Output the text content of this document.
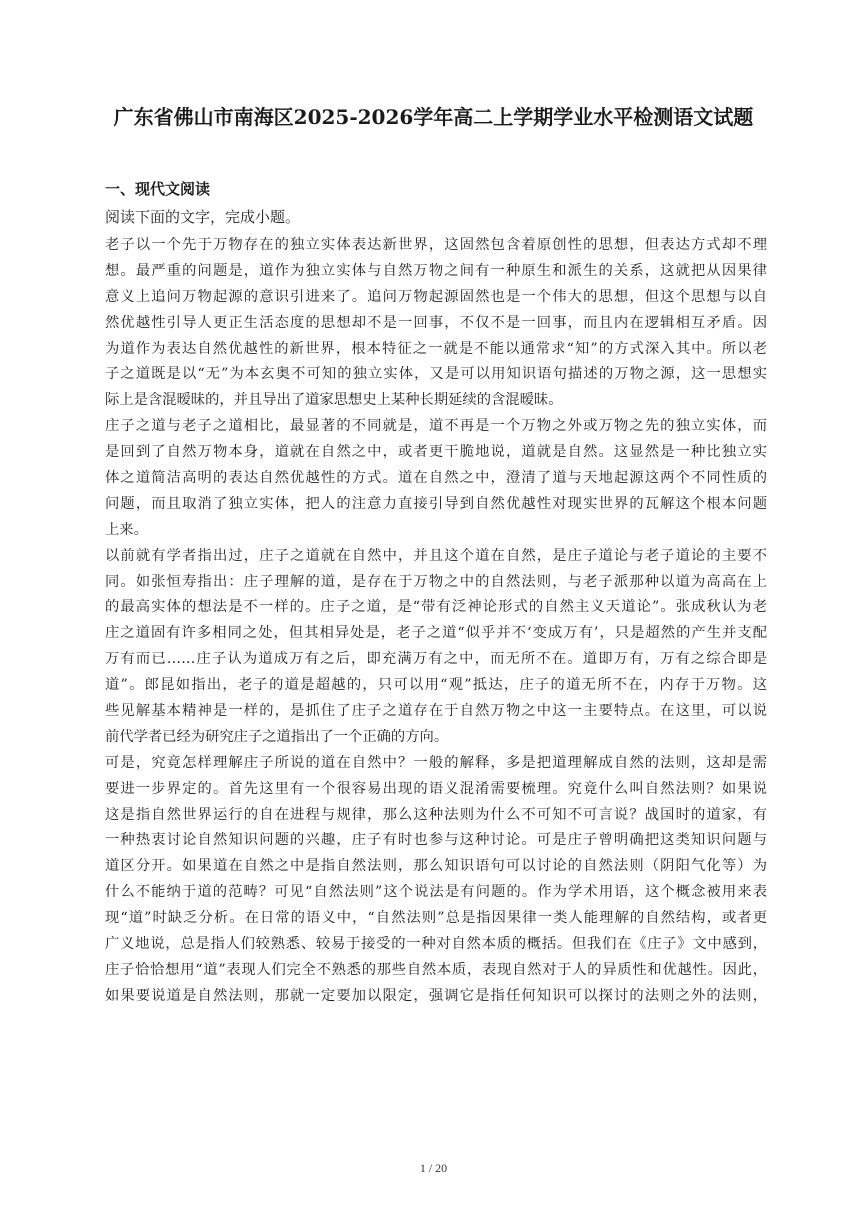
广东省佛山市南海区2025-2026学年高二上学期学业水平检测语文试题
一、现代文阅读
阅读下面的文字，完成小题。
老子以一个先于万物存在的独立实体表达新世界，这固然包含着原创性的思想，但表达方式却不理
想。最严重的问题是，道作为独立实体与自然万物之间有一种原生和派生的关系，这就把从因果律
意义上追问万物起源的意识引进来了。追问万物起源固然也是一个伟大的思想，但这个思想与以自
然优越性引导人更正生活态度的思想却不是一回事，不仅不是一回事，而且内在逻辑相互矛盾。因
为道作为表达自然优越性的新世界，根本特征之一就是不能以通常求“知”的方式深入其中。所以老
子之道既是以“无”为本玄奥不可知的独立实体，又是可以用知识语句描述的万物之源，这一思想实
际上是含混暧昧的，并且导出了道家思想史上某种长期延续的含混暧昧。
庄子之道与老子之道相比，最显著的不同就是，道不再是一个万物之外或万物之先的独立实体，而
是回到了自然万物本身，道就在自然之中，或者更干脆地说，道就是自然。这显然是一种比独立实
体之道简洁高明的表达自然优越性的方式。道在自然之中，澄清了道与天地起源这两个不同性质的
问题，而且取消了独立实体，把人的注意力直接引导到自然优越性对现实世界的瓦解这个根本问题
上来。
以前就有学者指出过，庄子之道就在自然中，并且这个道在自然，是庄子道论与老子道论的主要不
同。如张恒寿指出：庄子理解的道，是存在于万物之中的自然法则，与老子派那种以道为高高在上
的最高实体的想法是不一样的。庄子之道，是“带有泛神论形式的自然主义天道论”。张成秋认为老
庄之道固有许多相同之处，但其相异处是，老子之道“似乎并不‘变成万有’，只是超然的产生并支配
万有而已……庄子认为道成万有之后，即充满万有之中，而无所不在。道即万有，万有之综合即是
道”。郎昆如指出，老子的道是超越的，只可以用“观”抵达，庄子的道无所不在，内存于万物。这
些见解基本精神是一样的，是抓住了庄子之道存在于自然万物之中这一主要特点。在这里，可以说
前代学者已经为研究庄子之道指出了一个正确的方向。
可是，究竟怎样理解庄子所说的道在自然中？一般的解释，多是把道理解成自然的法则，这却是需
要进一步界定的。首先这里有一个很容易出现的语义混淆需要梳理。究竟什么叫自然法则？如果说
这是指自然世界运行的自在进程与规律，那么这种法则为什么不可知不可言说？战国时的道家，有
一种热衷讨论自然知识问题的兴趣，庄子有时也参与这种讨论。可是庄子曾明确把这类知识问题与
道区分开。如果道在自然之中是指自然法则，那么知识语句可以讨论的自然法则（阴阳气化等）为
什么不能纳于道的范畴？可见“自然法则”这个说法是有问题的。作为学术用语，这个概念被用来表
现“道”时缺乏分析。在日常的语义中，“自然法则”总是指因果律一类人能理解的自然结构，或者更
广义地说，总是指人们较熟悉、较易于接受的一种对自然本质的概括。但我们在《庄子》文中感到，
庄子恰恰想用“道”表现人们完全不熟悉的那些自然本质，表现自然对于人的异质性和优越性。因此，
如果要说道是自然法则，那就一定要加以限定，强调它是指任何知识可以探讨的法则之外的法则，
1 / 20
